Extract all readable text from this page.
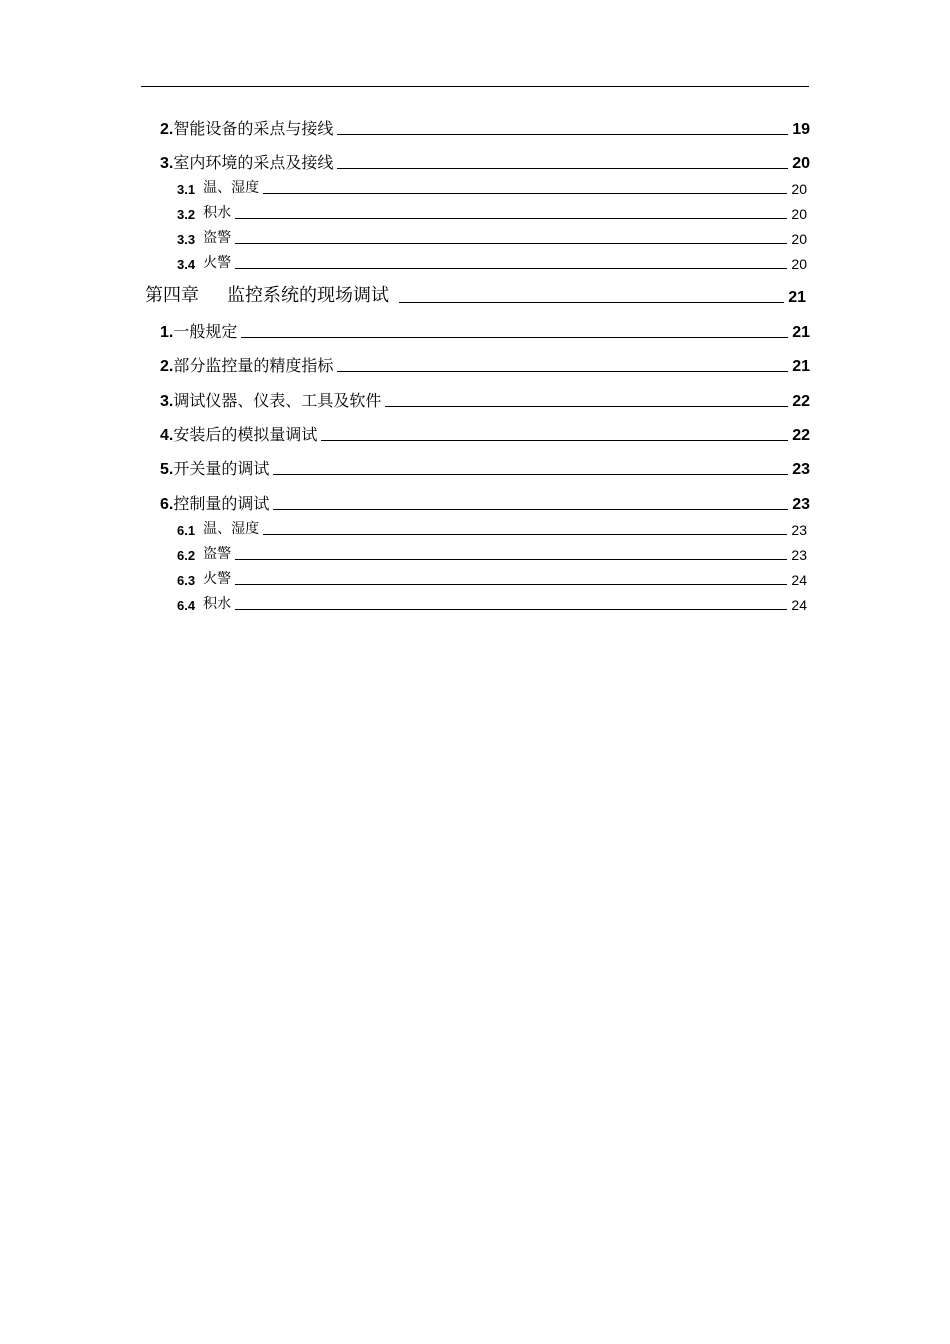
2. 智能设备的采点与接线	19
3. 室内环境的采点及接线	20
3.1 温、湿度	20
3.2 积水	20
3.3 盗警	20
3.4 火警	20
第四章 监控系统的现场调试	21
1. 一般规定	21
2. 部分监控量的精度指标	21
3. 调试仪器、仪表、工具及软件	22
4. 安装后的模拟量调试	22
5. 开关量的调试	23
6. 控制量的调试	23
6.1 温、湿度	23
6.2 盗警	23
6.3 火警	24
6.4 积水	24
